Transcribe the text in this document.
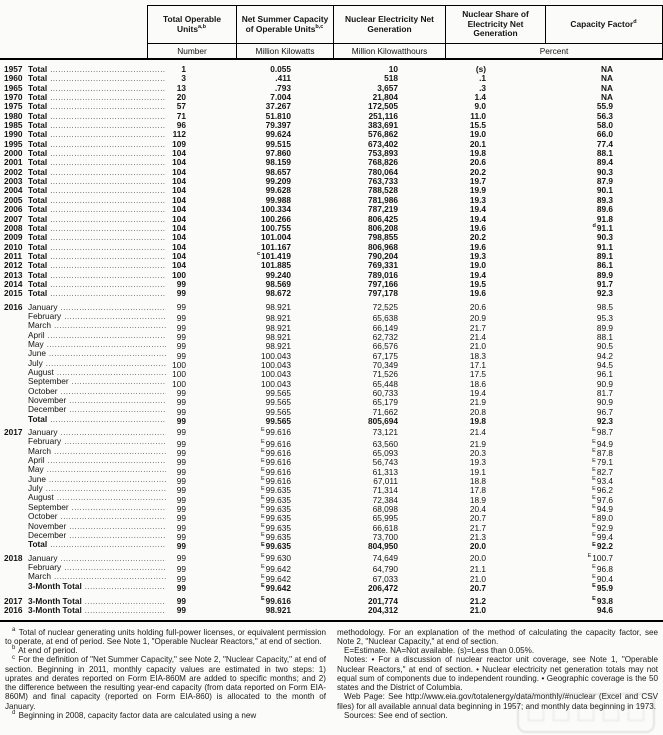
Total Operable Units$^{a,b}$
Net Summer Capacity of Operable Units$^{b,c}$
Nuclear Electricity Net Generation
Nuclear Share of Electricity Net Generation
Capacity Factor$^d$
Number	Million Kilowatts	Million Kilowatthours	Percent
1957 Total .....	1	0.055	10	(s)	NA
1960 Total .....	3	.411	518	.1	NA
1965 Total .....	13	.793	3,657	.3	NA
1970 Total .....	20	7.004	21,804	1.4	NA
1975 Total .....	57	37.267	172,505	9.0	55.9
1980 Total .....	71	51.810	251,116	11.0	56.3
1985 Total .....	96	79.397	383,691	15.5	58.0
1990 Total .....	112	99.624	576,862	19.0	66.0
1995 Total .....	109	99.515	673,402	20.1	77.4
2000 Total .....	104	97.860	753,893	19.8	88.1
2001 Total .....	104	98.159	768,826	20.6	89.4
2002 Total .....	104	98.657	780,064	20.2	90.3
2003 Total .....	104	99.209	763,733	19.7	87.9
2004 Total .....	104	99.628	788,528	19.9	90.1
2005 Total .....	104	99.988	781,986	19.3	89.3
2006 Total .....	104	100.334	787,219	19.4	89.6
2007 Total .....	104	100.266	806,425	19.4	91.8
2008 Total .....	104	100.755	806,208	19.6	$^d$91.1
2009 Total .....	104	101.004	798,855	20.2	90.3
2010 Total .....	104	101.167	806,968	19.6	91.1
2011 Total .....	104	$^c$101.419	790,204	19.3	89.1
2012 Total .....	104	101.885	769,331	19.0	86.1
2013 Total .....	100	99.240	789,016	19.4	89.9
2014 Total .....	99	98.569	797,166	19.5	91.7
2015 Total .....	99	98.672	797,178	19.6	92.3
2016 January .....	99	98.921	72,525	20.6	98.5
February .....	99	98.921	65,638	20.9	95.3
March .....	99	98.921	66,149	21.7	89.9
April .....	99	98.921	62,732	21.4	88.1
May .....	99	98.921	66,576	21.0	90.5
June .....	99	100.043	67,175	18.3	94.2
July .....	100	100.043	70,349	17.1	94.5
August .....	100	100.043	71,526	17.5	96.1
September .....	100	100.043	65,448	18.6	90.9
October .....	99	99.565	60,733	19.4	81.7
November .....	99	99.565	65,179	21.9	90.9
December .....	99	99.565	71,662	20.8	96.7
Total .....	99	99.565	805,694	19.8	92.3
2017 January .....	99	$^E$99.616	73,121	21.4	$^E$98.7
February .....	99	$^E$99.616	63,560	21.9	$^E$94.9
March .....	99	$^E$99.616	65,093	20.3	$^E$87.8
April .....	99	$^E$99.616	56,743	19.3	$^E$79.1
May .....	99	$^E$99.616	61,313	19.1	$^E$82.7
June .....	99	$^E$99.616	67,011	18.8	$^E$93.4
July .....	99	$^E$99.635	71,314	17.8	$^E$96.2
August .....	99	$^E$99.635	72,384	18.9	$^E$97.6
September .....	99	$^E$99.635	68,098	20.4	$^E$94.9
October .....	99	$^E$99.635	65,995	20.7	$^E$89.0
November .....	99	$^E$99.635	66,618	21.7	$^E$92.9
December .....	99	$^E$99.635	73,700	21.3	$^E$99.4
Total .....	99	$^E$99.635	804,950	20.0	$^E$92.2
2018 January .....	99	$^E$99.630	74,649	20.0	$^E$100.7
February .....	99	$^E$99.642	64,790	21.1	$^E$96.8
March .....	99	$^E$99.642	67,033	21.0	$^E$90.4
3-Month Total .....	99	$^E$99.642	206,472	20.7	$^E$95.9
2017 3-Month Total .....	99	$^E$99.616	201,774	21.2	$^E$93.8
2016 3-Month Total .....	99	98.921	204,312	21.0	94.6

$^a$ Total of nuclear generating units holding full-power licenses, or equivalent permission to operate, at end of period. See Note 1, "Operable Nuclear Reactors," at end of section.

$^b$ At end of period.

$^c$ For the definition of "Net Summer Capacity," see Note 2, "Nuclear Capacity," at end of section. Beginning in 2011, monthly capacity values are estimated in two steps: 1) uprates and derates reported on Form EIA-860M are added to specific months; and 2) the difference between the resulting year-end capacity (from data reported on Form EIA-860M) and final capacity (reported on Form EIA-860) is allocated to the month of January.

$^d$ Beginning in 2008, capacity factor data are calculated using a new

methodology. For an explanation of the method of calculating the capacity factor, see Note 2, "Nuclear Capacity," at end of section.

E=Estimate. NA=Not available. (s)=Less than 0.05%.

Notes: • For a discussion of nuclear reactor unit coverage, see Note 1, "Operable Nuclear Reactors," at end of section. • Nuclear electricity net generation totals may not equal sum of components due to independent rounding. • Geographic coverage is the 50 states and the District of Columbia.

Web Page: See http://www.eia.gov/totalenergy/data/monthly/#nuclear (Excel and CSV files) for all available annual data beginning in 1957; and monthly data beginning in 1973.

Sources: See end of section.
